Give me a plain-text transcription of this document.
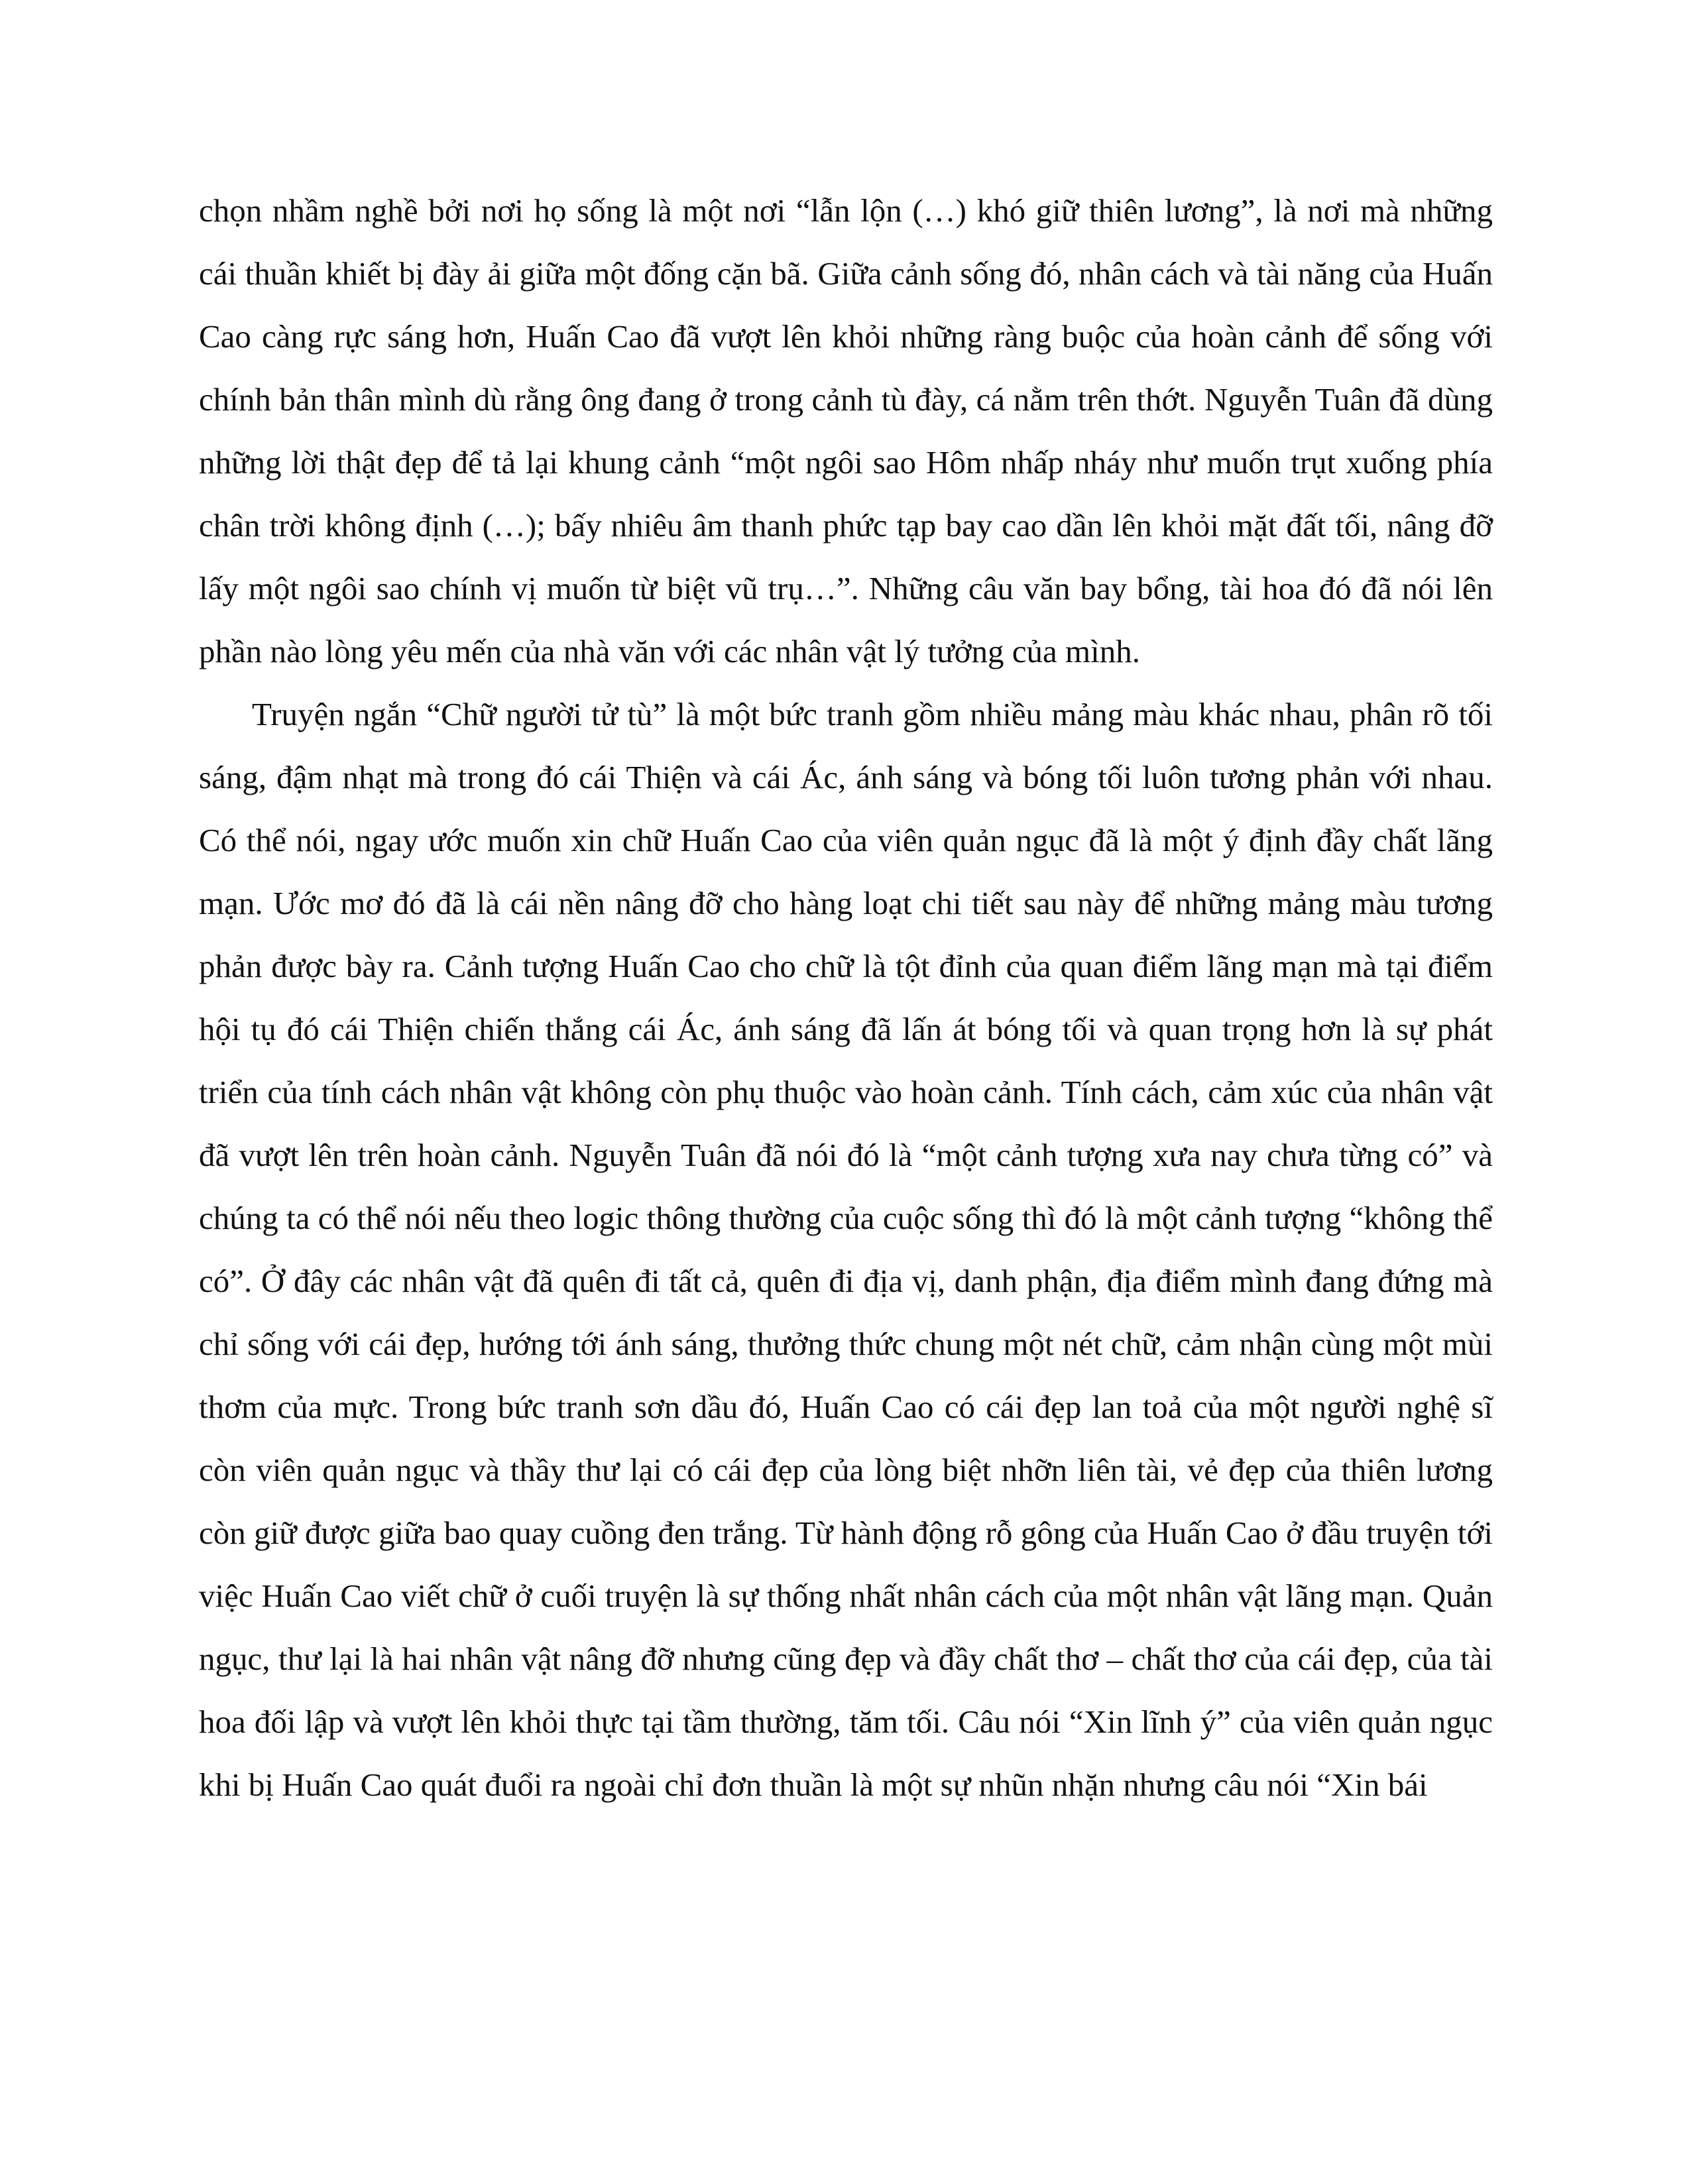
chọn nhầm nghề bởi nơi họ sống là một nơi “lẫn lộn (…) khó giữ thiên lương”, là nơi mà những cái thuần khiết bị đày ải giữa một đống cặn bã. Giữa cảnh sống đó, nhân cách và tài năng của Huấn Cao càng rực sáng hơn, Huấn Cao đã vượt lên khỏi những ràng buộc của hoàn cảnh để sống với chính bản thân mình dù rằng ông đang ở trong cảnh tù đày, cá nằm trên thớt. Nguyễn Tuân đã dùng những lời thật đẹp để tả lại khung cảnh “một ngôi sao Hôm nhấp nháy như muốn trụt xuống phía chân trời không định (…); bấy nhiêu âm thanh phức tạp bay cao dần lên khỏi mặt đất tối, nâng đỡ lấy một ngôi sao chính vị muốn từ biệt vũ trụ…”. Những câu văn bay bổng, tài hoa đó đã nói lên phần nào lòng yêu mến của nhà văn với các nhân vật lý tưởng của mình.

Truyện ngắn “Chữ người tử tù” là một bức tranh gồm nhiều mảng màu khác nhau, phân rõ tối sáng, đậm nhạt mà trong đó cái Thiện và cái Ác, ánh sáng và bóng tối luôn tương phản với nhau. Có thể nói, ngay ước muốn xin chữ Huấn Cao của viên quản ngục đã là một ý định đầy chất lãng mạn. Ước mơ đó đã là cái nền nâng đỡ cho hàng loạt chi tiết sau này để những mảng màu tương phản được bày ra. Cảnh tượng Huấn Cao cho chữ là tột đỉnh của quan điểm lãng mạn mà tại điểm hội tụ đó cái Thiện chiến thắng cái Ác, ánh sáng đã lấn át bóng tối và quan trọng hơn là sự phát triển của tính cách nhân vật không còn phụ thuộc vào hoàn cảnh. Tính cách, cảm xúc của nhân vật đã vượt lên trên hoàn cảnh. Nguyễn Tuân đã nói đó là “một cảnh tượng xưa nay chưa từng có” và chúng ta có thể nói nếu theo logic thông thường của cuộc sống thì đó là một cảnh tượng “không thể có”. Ở đây các nhân vật đã quên đi tất cả, quên đi địa vị, danh phận, địa điểm mình đang đứng mà chỉ sống với cái đẹp, hướng tới ánh sáng, thưởng thức chung một nét chữ, cảm nhận cùng một mùi thơm của mực. Trong bức tranh sơn dầu đó, Huấn Cao có cái đẹp lan toả của một người nghệ sĩ còn viên quản ngục và thầy thư lại có cái đẹp của lòng biệt nhỡn liên tài, vẻ đẹp của thiên lương còn giữ được giữa bao quay cuồng đen trắng. Từ hành động rỗ gông của Huấn Cao ở đầu truyện tới việc Huấn Cao viết chữ ở cuối truyện là sự thống nhất nhân cách của một nhân vật lãng mạn. Quản ngục, thư lại là hai nhân vật nâng đỡ nhưng cũng đẹp và đầy chất thơ – chất thơ của cái đẹp, của tài hoa đối lập và vượt lên khỏi thực tại tầm thường, tăm tối. Câu nói “Xin lĩnh ý” của viên quản ngục khi bị Huấn Cao quát đuổi ra ngoài chỉ đơn thuần là một sự nhũn nhặn nhưng câu nói “Xin bái
